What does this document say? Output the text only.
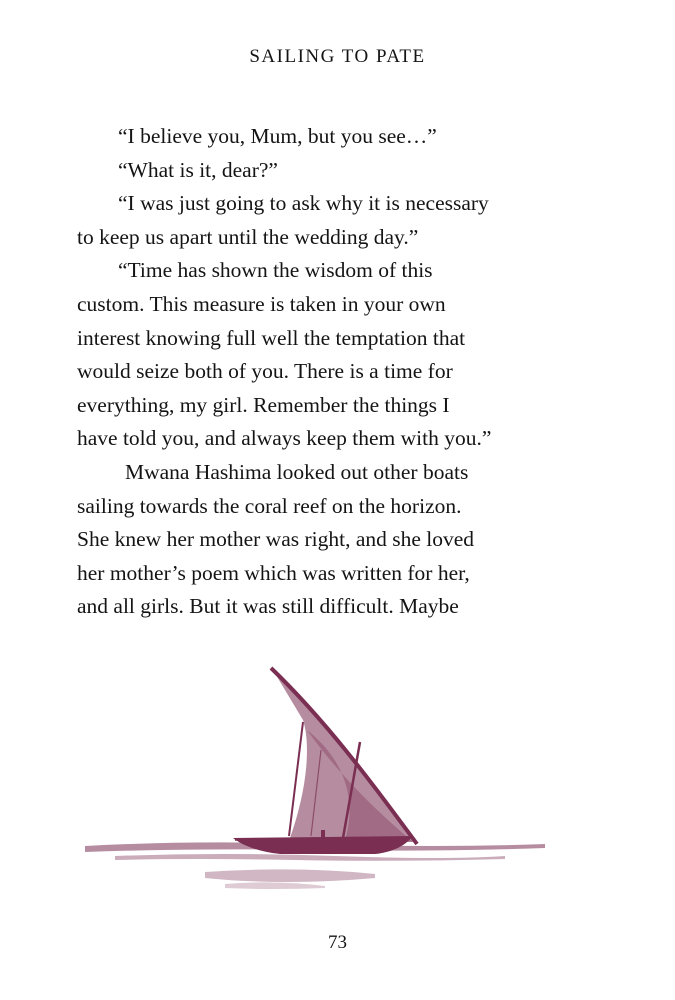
SAILING TO PATE

“I believe you, Mum, but you see…”

“What is it, dear?”

“I was just going to ask why it is necessary

to keep us apart until the wedding day.”

“Time has shown the wisdom of this

custom. This measure is taken in your own

interest knowing full well the temptation that

would seize both of you. There is a time for

everything, my girl. Remember the things I

have told you, and always keep them with you.”

Mwana Hashima looked out other boats

sailing towards the coral reef on the horizon.

She knew her mother was right, and she loved

her mother’s poem which was written for her,

and all girls. But it was still difficult. Maybe

73
